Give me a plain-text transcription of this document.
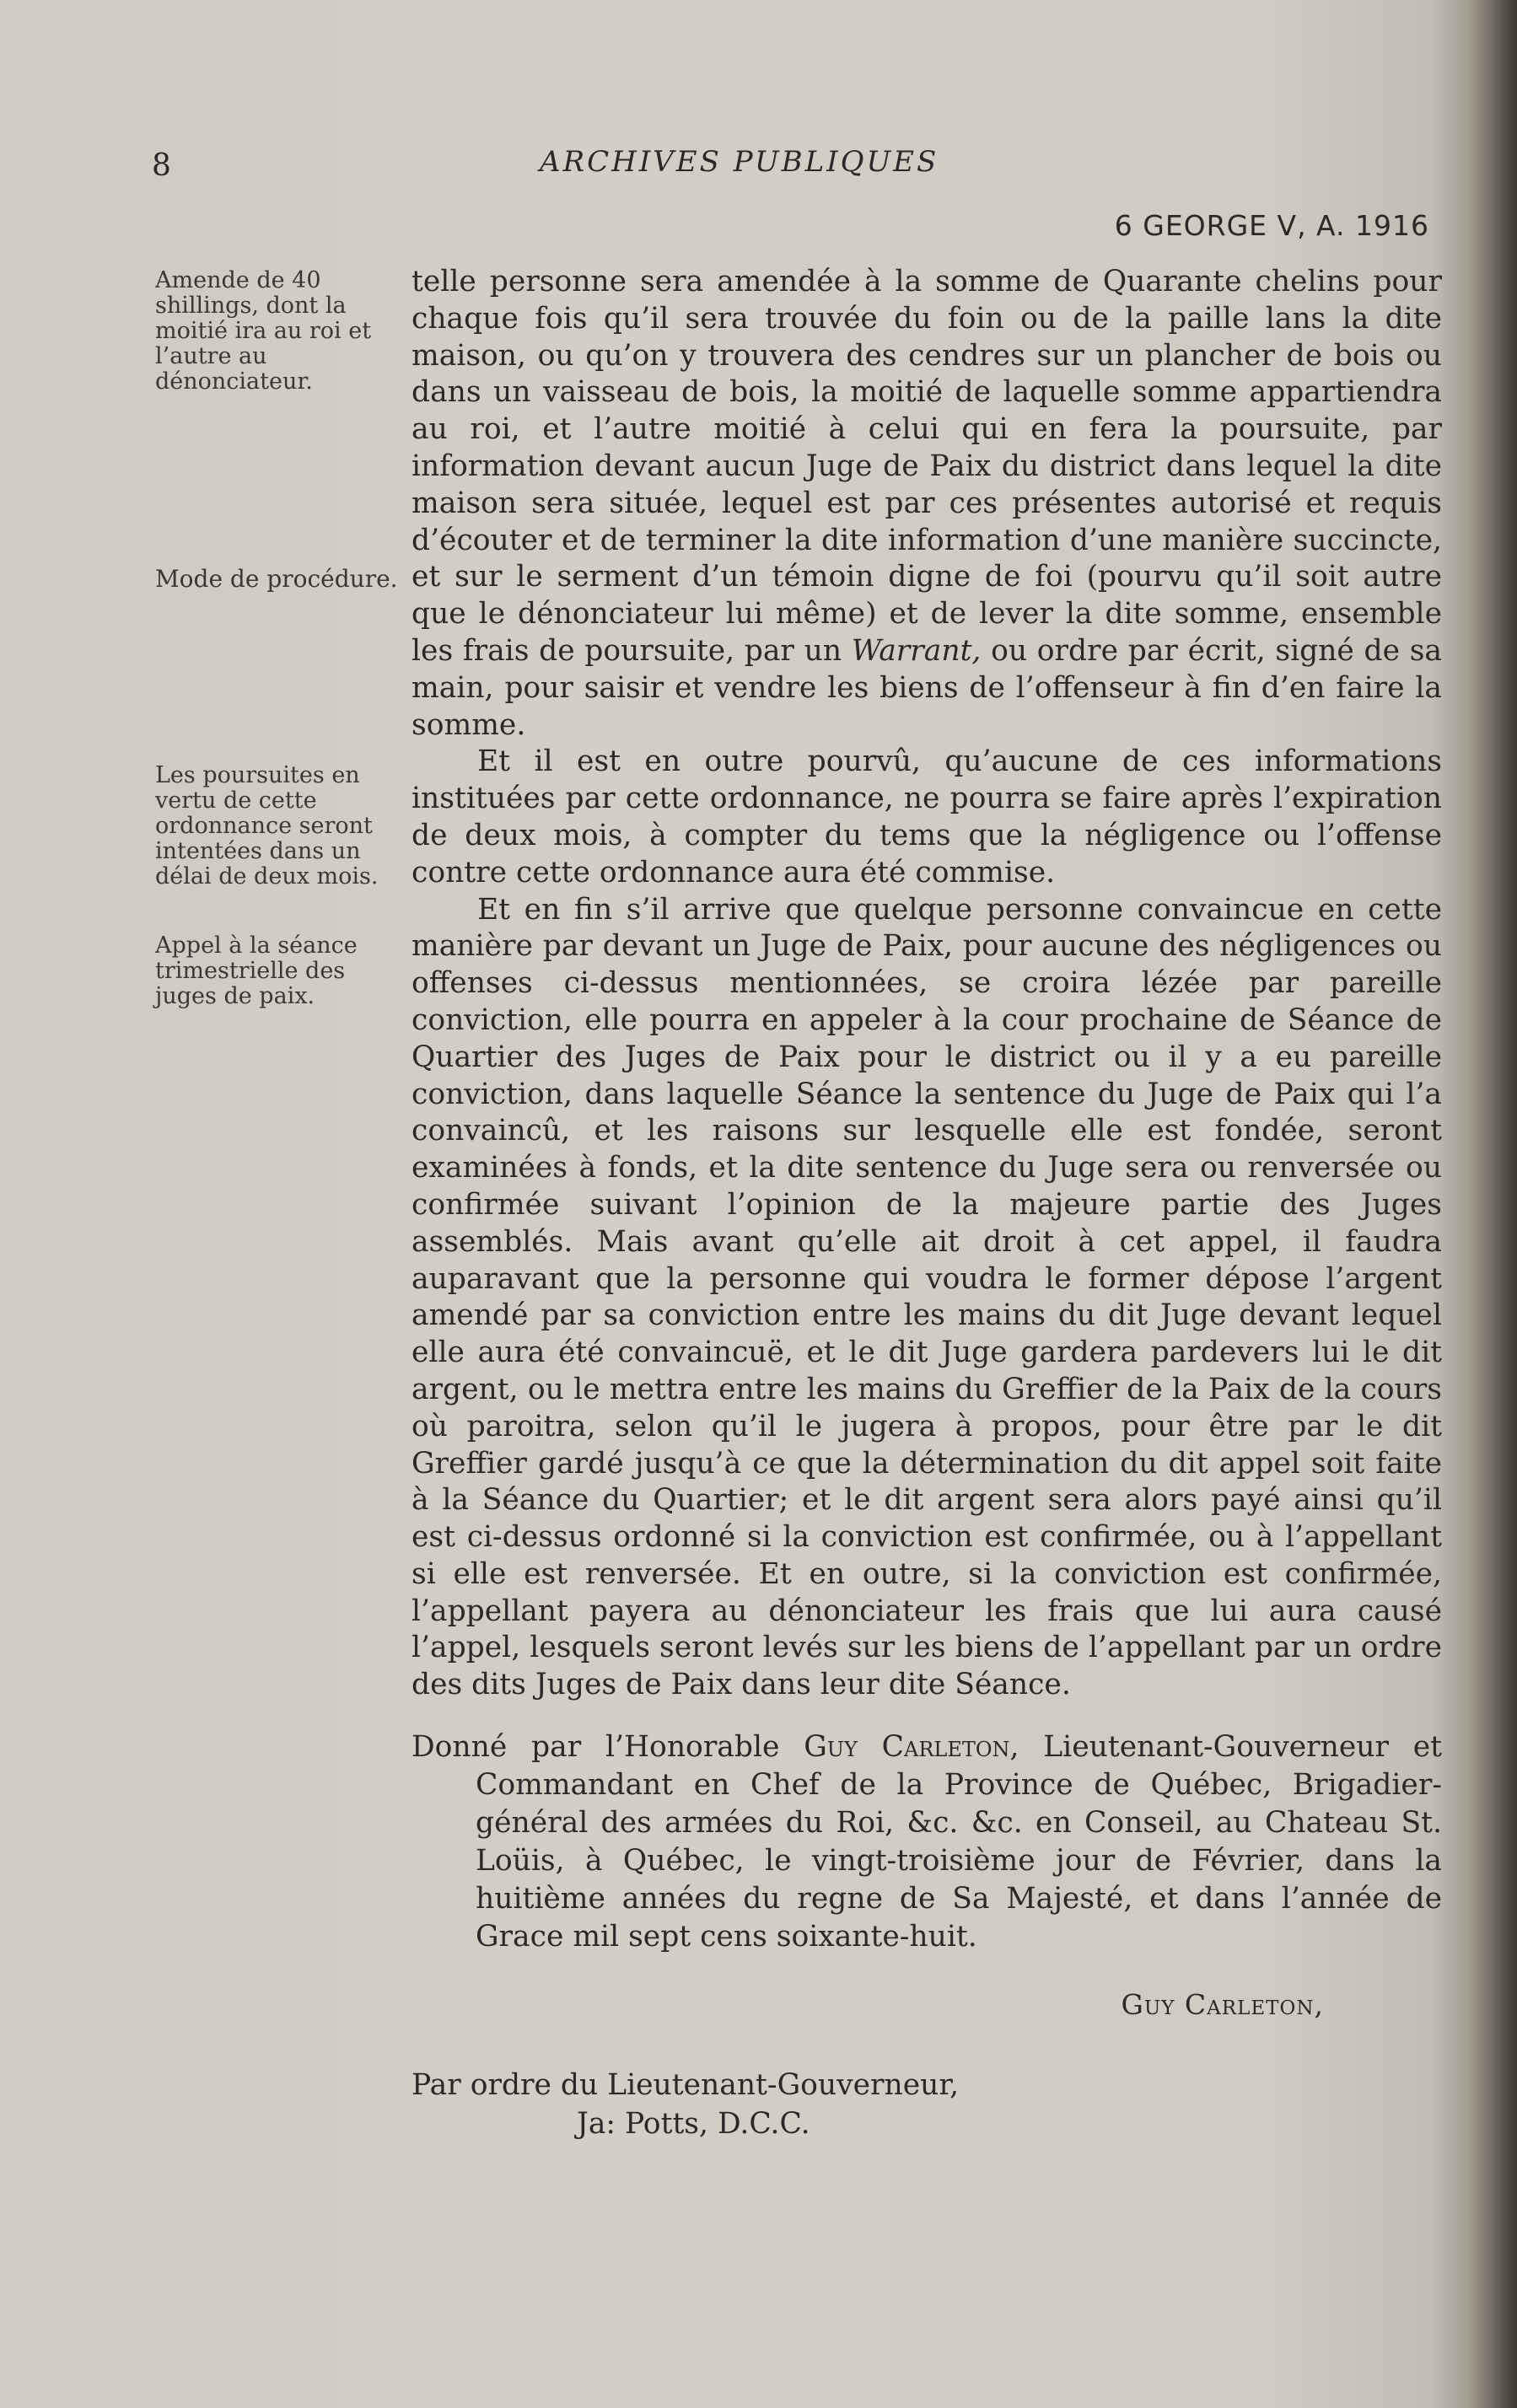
8	ARCHIVES PUBLIQUES
6 GEORGE V, A. 1916
Amende de 40 shillings, dont la moitié ira au roi et l’autre au dénonciateur.
Mode de procédure.
Les poursuites en vertu de cette ordonnance seront intentées dans un délai de deux mois.
Appel à la séance trimestrielle des juges de paix.

telle personne sera amendée à la somme de Quarante chelins pour chaque fois qu’il sera trouvée du foin ou de la paille lans la dite maison, ou qu’on y trouvera des cendres sur un plancher de bois ou dans un vaisseau de bois, la moitié de laquelle somme appartiendra au roi, et l’autre moitié à celui qui en fera la poursuite, par information devant aucun Juge de Paix du district dans lequel la dite maison sera située, lequel est par ces présentes autorisé et requis d’écouter et de terminer la dite information d’une manière succincte, et sur le serment d’un témoin digne de foi (pourvu qu’il soit autre que le dénonciateur lui même) et de lever la dite somme, ensemble les frais de poursuite, par un Warrant, ou ordre par écrit, signé de sa main, pour saisir et vendre les biens de l’offenseur à fin d’en faire la somme.

Et il est en outre pourvû, qu’aucune de ces informations instituées par cette ordonnance, ne pourra se faire après l’expiration de deux mois, à compter du tems que la négligence ou l’offense contre cette ordonnance aura été commise.

Et en fin s’il arrive que quelque personne convaincue en cette manière par devant un Juge de Paix, pour aucune des négligences ou offenses ci-dessus mentionnées, se croira lézée par pareille conviction, elle pourra en appeler à la cour prochaine de Séance de Quartier des Juges de Paix pour le district ou il y a eu pareille conviction, dans laquelle Séance la sentence du Juge de Paix qui l’a convaincû, et les raisons sur lesquelle elle est fondée, seront examinées à fonds, et la dite sentence du Juge sera ou renversée ou confirmée suivant l’opinion de la majeure partie des Juges assemblés. Mais avant qu’elle ait droit à cet appel, il faudra auparavant que la personne qui voudra le former dépose l’argent amendé par sa conviction entre les mains du dit Juge devant lequel elle aura été convaincuë, et le dit Juge gardera pardevers lui le dit argent, ou le mettra entre les mains du Greffier de la Paix de la cours où paroitra, selon qu’il le jugera à propos, pour être par le dit Greffier gardé jusqu’à ce que la détermination du dit appel soit faite à la Séance du Quartier; et le dit argent sera alors payé ainsi qu’il est ci-dessus ordonné si la conviction est confirmée, ou à l’appellant si elle est renversée. Et en outre, si la conviction est confirmée, l’appellant payera au dénonciateur les frais que lui aura causé l’appel, lesquels seront levés sur les biens de l’appellant par un ordre des dits Juges de Paix dans leur dite Séance.

Donné par l’Honorable Guy Carleton, Lieutenant-Gouverneur et Commandant en Chef de la Province de Québec, Brigadier-général des armées du Roi, &c. &c. en Conseil, au Chateau St. Loüis, à Québec, le vingt-troisième jour de Février, dans la huitième années du regne de Sa Majesté, et dans l’année de Grace mil sept cens soixante-huit.
Guy Carleton,
Par ordre du Lieutenant-Gouverneur,
Ja: Potts, D.C.C.
